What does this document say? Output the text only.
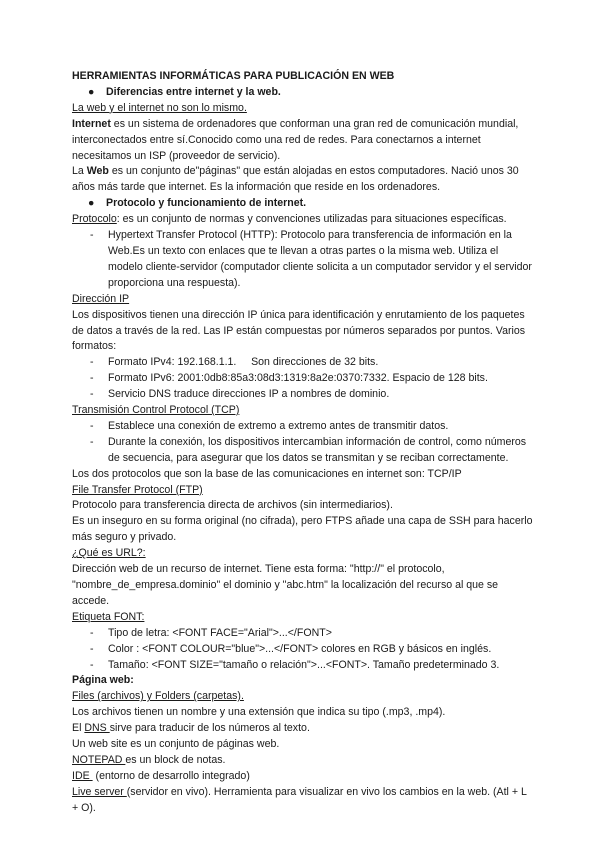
HERRAMIENTAS INFORMÁTICAS PARA PUBLICACIÓN EN WEB

● Diferencias entre internet y la web.

La web y el internet no son lo mismo.

Internet es un sistema de ordenadores que conforman una gran red de comunicación mundial, interconectados entre sí.Conocido como una red de redes. Para conectarnos a internet necesitamos un ISP (proveedor de servicio).

La Web es un conjunto de"páginas" que están alojadas en estos computadores. Nació unos 30 años más tarde que internet. Es la información que reside en los ordenadores.

● Protocolo y funcionamiento de internet.

Protocolo: es un conjunto de normas y convenciones utilizadas para situaciones específicas.

- Hypertext Transfer Protocol (HTTP): Protocolo para transferencia de información en la Web.Es un texto con enlaces que te llevan a otras partes o la misma web. Utiliza el modelo cliente-servidor (computador cliente solicita a un computador servidor y el servidor proporciona una respuesta).

Dirección IP

Los dispositivos tienen una dirección IP única para identificación y enrutamiento de los paquetes de datos a través de la red. Las IP están compuestas por números separados por puntos. Varios formatos:

- Formato IPv4: 192.168.1.1.     Son direcciones de 32 bits.

- Formato IPv6: 2001:0db8:85a3:08d3:1319:8a2e:0370:7332. Espacio de 128 bits.

- Servicio DNS traduce direcciones IP a nombres de dominio.

Transmisión Control Protocol (TCP)

- Establece una conexión de extremo a extremo antes de transmitir datos.

- Durante la conexión, los dispositivos intercambian información de control, como números de secuencia, para asegurar que los datos se transmitan y se reciban correctamente.

Los dos protocolos que son la base de las comunicaciones en internet son: TCP/IP

File Transfer Protocol (FTP)

Protocolo para transferencia directa de archivos (sin intermediarios).

Es un inseguro en su forma original (no cifrada), pero FTPS añade una capa de SSH para hacerlo más seguro y privado.

¿Qué es URL?:

Dirección web de un recurso de internet. Tiene esta forma: "http://" el protocolo, "nombre_de_empresa.dominio" el dominio y "abc.htm" la localización del recurso al que se accede.

Etiqueta FONT:

- Tipo de letra: <FONT FACE="Arial">...</FONT>

- Color : <FONT COLOUR="blue">...</FONT> colores en RGB y básicos en inglés.

- Tamaño: <FONT SIZE="tamaño o relación">...<FONT>. Tamaño predeterminado 3.

Página web:

Files (archivos) y Folders (carpetas).

Los archivos tienen un nombre y una extensión que indica su tipo (.mp3, .mp4).

El DNS sirve para traducir de los números al texto.

Un web site es un conjunto de páginas web.

NOTEPAD es un block de notas.

IDE  (entorno de desarrollo integrado)

Live server (servidor en vivo). Herramienta para visualizar en vivo los cambios en la web. (Atl + L + O).
